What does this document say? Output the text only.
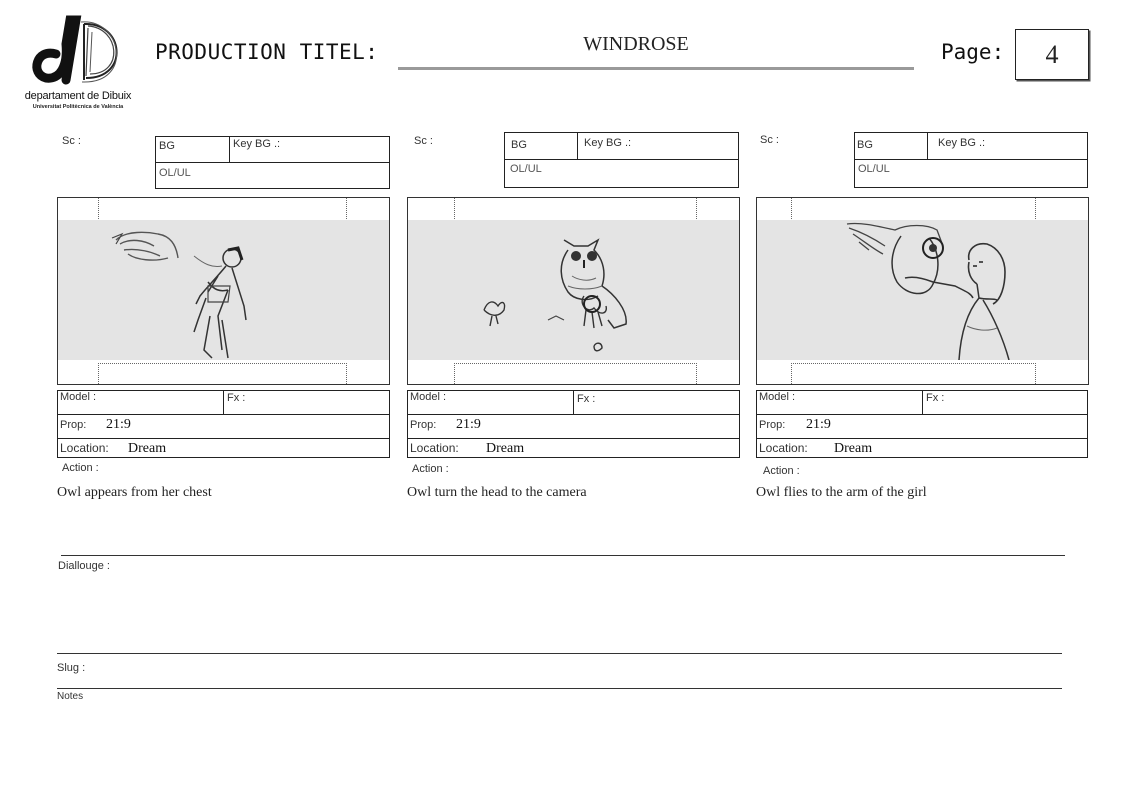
departament de Dibuix
Universitat Politècnica de València
PRODUCTION TITEL:	WINDROSE	Page:	4
Sc :	BG	Key BG .:
OL/UL
Model :	Fx :
Prop: 21:9
Location: Dream
Action :
Owl appears from her chest
Sc :	BG	Key BG .:
OL/UL
Model :	Fx :
Prop: 21:9
Location: Dream
Action :
Owl turn the head to the camera
Sc :	BG	Key BG .:
OL/UL
Model :	Fx :
Prop: 21:9
Location: Dream
Action :
Owl flies to the arm of the girl
Diallouge :
Slug :
Notes
